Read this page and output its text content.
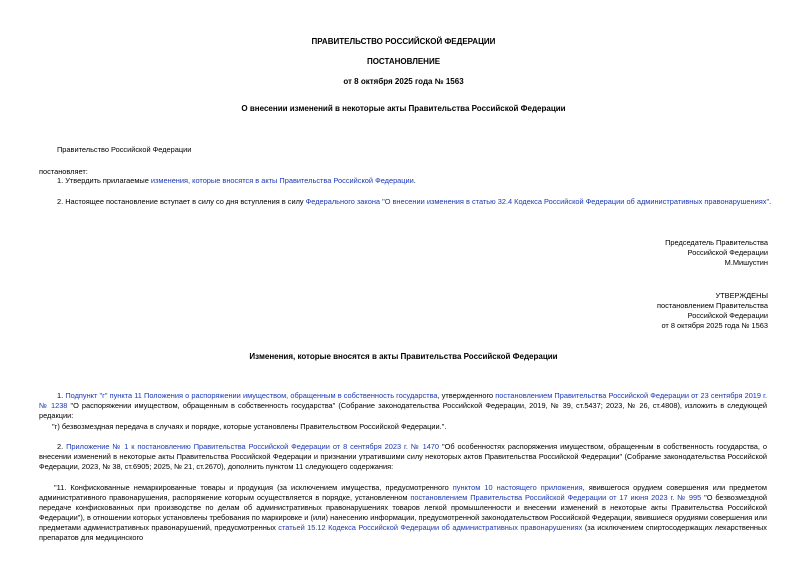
ПРАВИТЕЛЬСТВО РОССИЙСКОЙ ФЕДЕРАЦИИ
ПОСТАНОВЛЕНИЕ
от 8 октября 2025 года № 1563
О внесении изменений в некоторые акты Правительства Российской Федерации
Правительство Российской Федерации
постановляет:
1. Утвердить прилагаемые изменения, которые вносятся в акты Правительства Российской Федерации.
2. Настоящее постановление вступает в силу со дня вступления в силу Федерального закона "О внесении изменения в статью 32.4 Кодекса Российской Федерации об административных правонарушениях".
Председатель Правительства
Российской Федерации
М.Мишустин
УТВЕРЖДЕНЫ
постановлением Правительства
Российской Федерации
от 8 октября 2025 года № 1563
Изменения, которые вносятся в акты Правительства Российской Федерации
1. Подпункт "г" пункта 11 Положения о распоряжении имуществом, обращенным в собственность государства, утвержденного постановлением Правительства Российской Федерации от 23 сентября 2019 г. № 1238 "О распоряжении имуществом, обращенным в собственность государства" (Собрание законодательства Российской Федерации, 2019, № 39, ст.5437; 2023, № 26, ст.4808), изложить в следующей редакции:
"г) безвозмездная передача в случаях и порядке, которые установлены Правительством Российской Федерации.".
2. Приложение № 1 к постановлению Правительства Российской Федерации от 8 сентября 2023 г. № 1470 "Об особенностях распоряжения имуществом, обращенным в собственность государства, о внесении изменений в некоторые акты Правительства Российской Федерации и признании утратившими силу некоторых актов Правительства Российской Федерации" (Собрание законодательства Российской Федерации, 2023, № 38, ст.6905; 2025, № 21, ст.2670), дополнить пунктом 11 следующего содержания:
"11. Конфискованные немаркированные товары и продукция (за исключением имущества, предусмотренного пунктом 10 настоящего приложения, явившегося орудием совершения или предметом административного правонарушения, распоряжение которым осуществляется в порядке, установленном постановлением Правительства Российской Федерации от 17 июня 2023 г. № 995 "О безвозмездной передаче конфискованных при производстве по делам об административных правонарушениях товаров легкой промышленности и внесении изменений в некоторые акты Правительства Российской Федерации"), в отношении которых установлены требования по маркировке и (или) нанесению информации, предусмотренной законодательством Российской Федерации, явившиеся орудиями совершения или предметами административных правонарушений, предусмотренных статьей 15.12 Кодекса Российской Федерации об административных правонарушениях (за исключением спиртосодержащих лекарственных препаратов для медицинского
